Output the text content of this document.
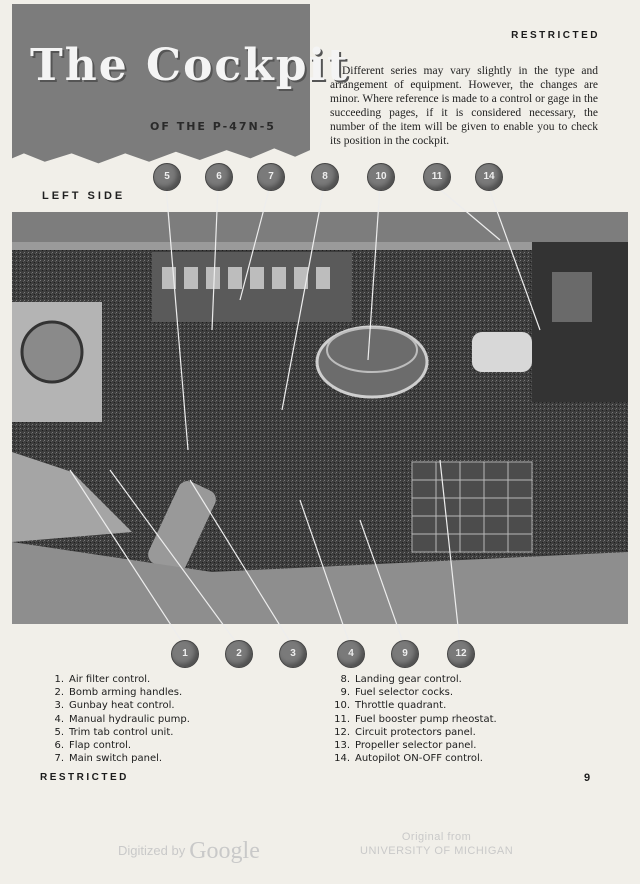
The Cockpit
OF THE P-47N-5
RESTRICTED

Different series may vary slightly in the type and arrangement of equipment. However, the changes are minor. Where reference is made to a control or gage in the succeeding pages, if it is considered necessary, the number of the item will be given to enable you to check its position in the cockpit.

LEFT SIDE
5	6	7	8	10	11	14
1	2	3	4	9	12
1. Air filter control.
2. Bomb arming handles.
3. Gunbay heat control.
4. Manual hydraulic pump.
5. Trim tab control unit.
6. Flap control.
7. Main switch panel.
8. Landing gear control.
9. Fuel selector cocks.
10. Throttle quadrant.
11. Fuel booster pump rheostat.
12. Circuit protectors panel.
13. Propeller selector panel.
14. Autopilot ON-OFF control.
RESTRICTED	9
Digitized by Google
Original from
UNIVERSITY OF MICHIGAN
